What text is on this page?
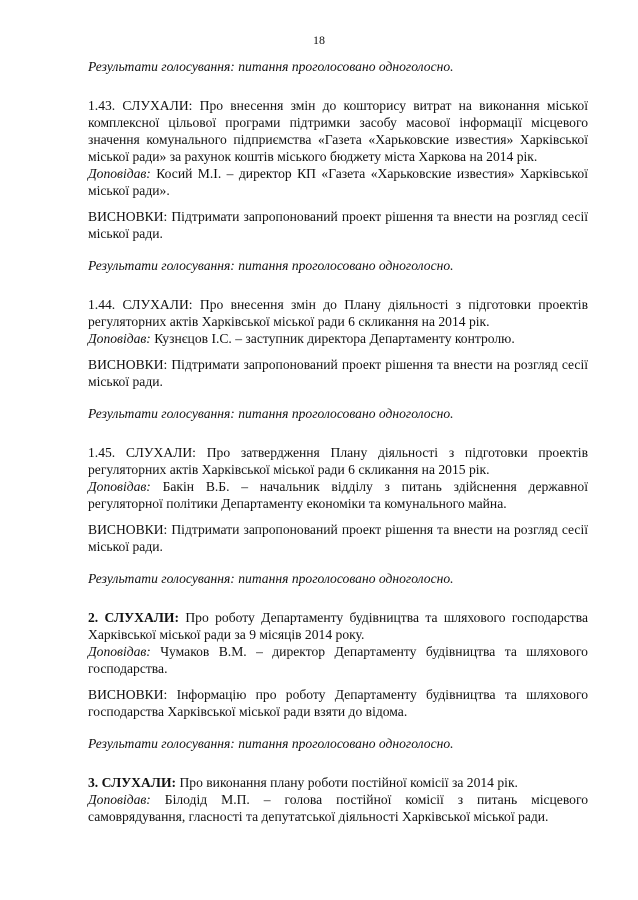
18

Результати голосування: питання проголосовано одноголосно.

1.43. СЛУХАЛИ: Про внесення змін до кошторису витрат на виконання міської комплексної цільової програми підтримки засобу масової інформації місцевого значення комунального підприємства «Газета «Харьковские известия» Харківської міської ради» за рахунок коштів міського бюджету міста Харкова на 2014 рік.
Доповідав: Косий М.І. – директор КП «Газета «Харьковские известия» Харківської міської ради».

ВИСНОВКИ: Підтримати запропонований проект рішення та внести на розгляд сесії міської ради.

Результати голосування: питання проголосовано одноголосно.

1.44. СЛУХАЛИ: Про внесення змін до Плану діяльності з підготовки проектів регуляторних актів Харківської міської ради 6 скликання на 2014 рік.
Доповідав: Кузнєцов І.С. – заступник директора Департаменту контролю.

ВИСНОВКИ: Підтримати запропонований проект рішення та внести на розгляд сесії міської ради.

Результати голосування: питання проголосовано одноголосно.

1.45. СЛУХАЛИ: Про затвердження Плану діяльності з підготовки проектів регуляторних актів Харківської міської ради 6 скликання на 2015 рік.
Доповідав: Бакін В.Б. – начальник відділу з питань здійснення державної регуляторної політики Департаменту економіки та комунального майна.

ВИСНОВКИ: Підтримати запропонований проект рішення та внести на розгляд сесії міської ради.

Результати голосування: питання проголосовано одноголосно.

2. СЛУХАЛИ: Про роботу Департаменту будівництва та шляхового господарства Харківської міської ради за 9 місяців 2014 року.
Доповідав: Чумаков В.М. – директор Департаменту будівництва та шляхового господарства.

ВИСНОВКИ: Інформацію про роботу Департаменту будівництва та шляхового господарства Харківської міської ради взяти до відома.

Результати голосування: питання проголосовано одноголосно.

3. СЛУХАЛИ: Про виконання плану роботи постійної комісії за 2014 рік.
Доповідав: Білодід М.П. – голова постійної комісії з питань місцевого самоврядування, гласності та депутатської діяльності Харківської міської ради.
